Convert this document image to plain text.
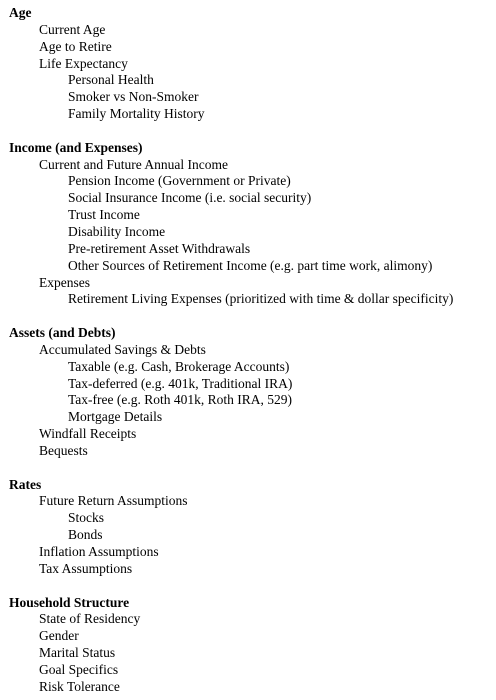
Age
Current Age
Age to Retire
Life Expectancy
Personal Health
Smoker vs Non-Smoker
Family Mortality History
Income (and Expenses)
Current and Future Annual Income
Pension Income (Government or Private)
Social Insurance Income (i.e. social security)
Trust Income
Disability Income
Pre-retirement Asset Withdrawals
Other Sources of Retirement Income (e.g. part time work, alimony)
Expenses
Retirement Living Expenses (prioritized with time & dollar specificity)
Assets (and Debts)
Accumulated Savings & Debts
Taxable (e.g. Cash, Brokerage Accounts)
Tax-deferred (e.g. 401k, Traditional IRA)
Tax-free (e.g. Roth 401k, Roth IRA, 529)
Mortgage Details
Windfall Receipts
Bequests
Rates
Future Return Assumptions
Stocks
Bonds
Inflation Assumptions
Tax Assumptions
Household Structure
State of Residency
Gender
Marital Status
Goal Specifics
Risk Tolerance
